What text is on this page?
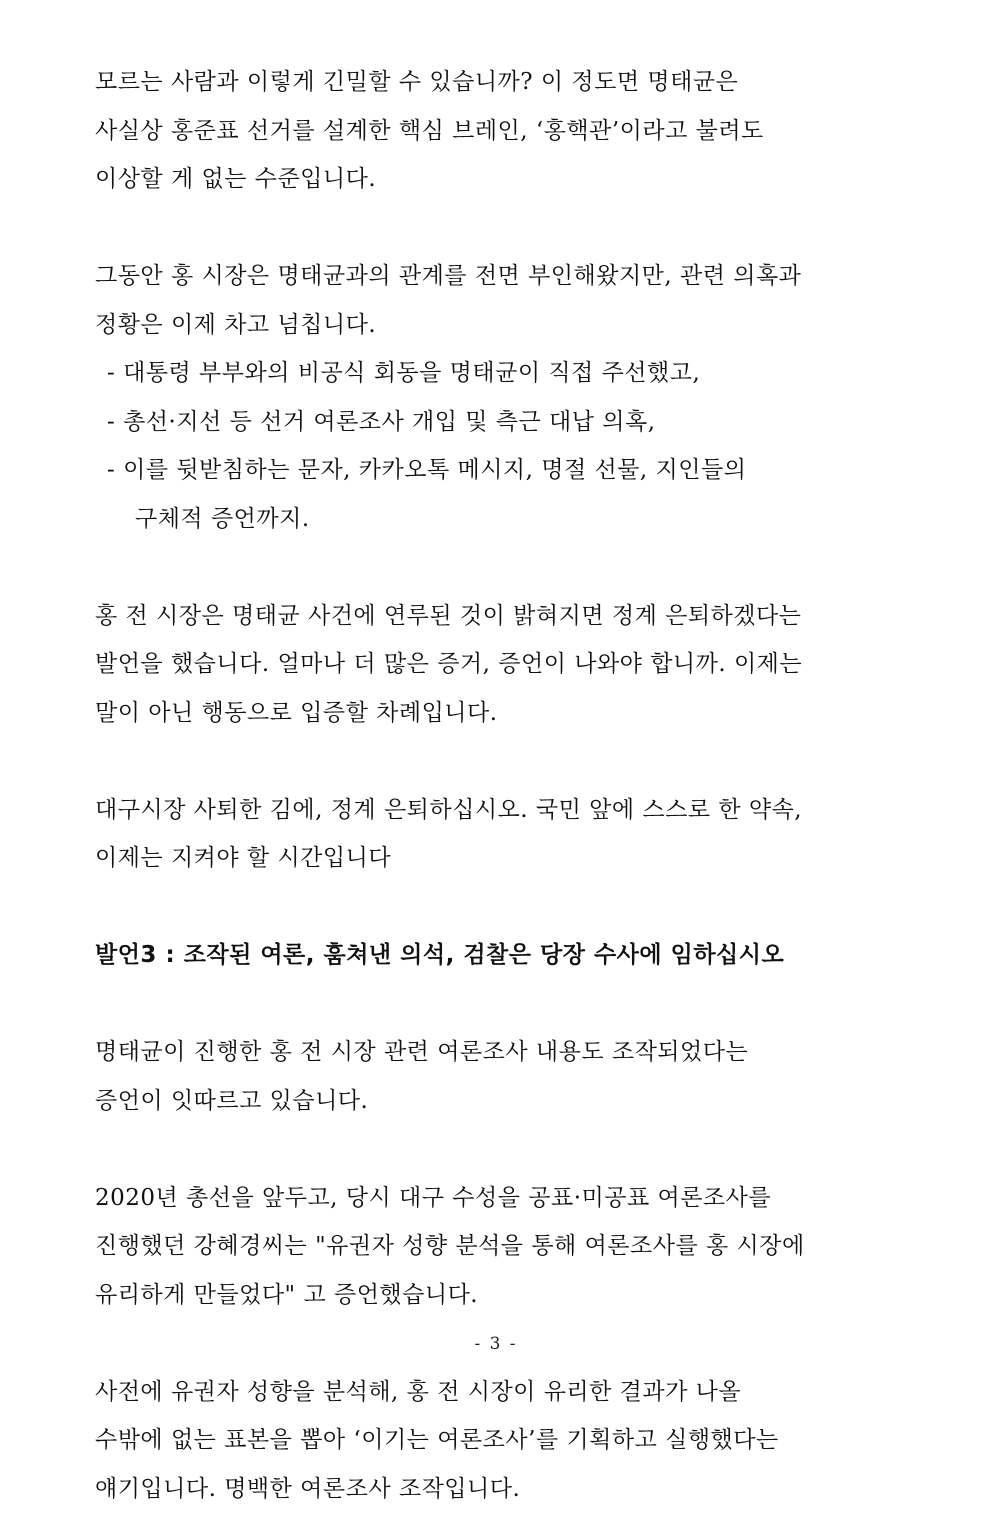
모르는 사람과 이렇게 긴밀할 수 있습니까? 이 정도면 명태균은
사실상 홍준표 선거를 설계한 핵심 브레인, ‘홍핵관’이라고 불려도
이상할 게 없는 수준입니다.
그동안 홍 시장은 명태균과의 관계를 전면 부인해왔지만, 관련 의혹과
정황은 이제 차고 넘칩니다.
- 대통령 부부와의 비공식 회동을 명태균이 직접 주선했고,
- 총선·지선 등 선거 여론조사 개입 및 측근 대납 의혹,
- 이를 뒷받침하는 문자, 카카오톡 메시지, 명절 선물, 지인들의
구체적 증언까지.
홍 전 시장은 명태균 사건에 연루된 것이 밝혀지면 정계 은퇴하겠다는
발언을 했습니다. 얼마나 더 많은 증거, 증언이 나와야 합니까. 이제는
말이 아닌 행동으로 입증할 차례입니다.
대구시장 사퇴한 김에, 정계 은퇴하십시오. 국민 앞에 스스로 한 약속,
이제는 지켜야 할 시간입니다
발언3 : 조작된 여론, 훔쳐낸 의석, 검찰은 당장 수사에 임하십시오
명태균이 진행한 홍 전 시장 관련 여론조사 내용도 조작되었다는
증언이 잇따르고 있습니다.
2020년 총선을 앞두고, 당시 대구 수성을 공표·미공표 여론조사를
진행했던 강혜경씨는 "유권자 성향 분석을 통해 여론조사를 홍 시장에
유리하게 만들었다" 고 증언했습니다.
사전에 유권자 성향을 분석해, 홍 전 시장이 유리한 결과가 나올
수밖에 없는 표본을 뽑아 ‘이기는 여론조사’를 기획하고 실행했다는
얘기입니다. 명백한 여론조사 조작입니다.
- 3 -
